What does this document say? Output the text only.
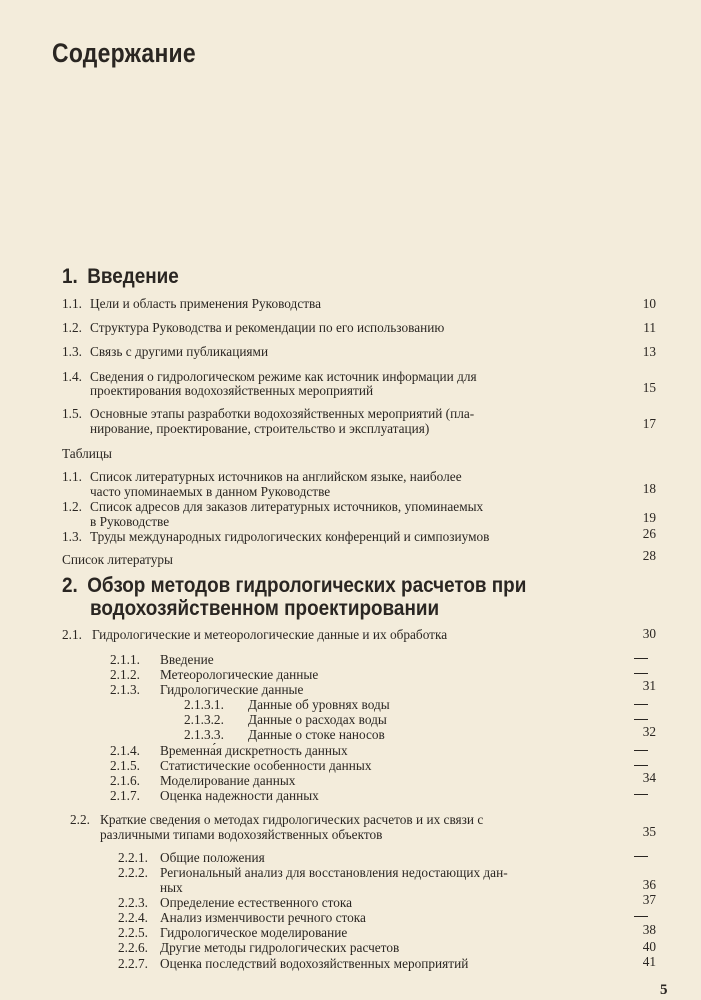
Содержание
1. Введение
1.1. Цели и область применения Руководства	10
1.2. Структура Руководства и рекомендации по его использованию	11
1.3. Связь с другими публикациями	13
1.4. Сведения о гидрологическом режиме как источник информации для
проектирования водохозяйственных мероприятий	15
1.5. Основные этапы разработки водохозяйственных мероприятий (пла-
нирование, проектирование, строительство и эксплуатация)	17
Таблицы
1.1. Список литературных источников на английском языке, наиболее
часто упоминаемых в данном Руководстве	18
1.2. Список адресов для заказов литературных источников, упоминаемых
в Руководстве	19
1.3. Труды международных гидрологических конференций и симпозиумов	26
Список литературы	28
2. Обзор методов гидрологических расчетов при
водохозяйственном проектировании
2.1. Гидрологические и метеорологические данные и их обработка	30
2.1.1. Введение
2.1.2. Метеорологические данные
2.1.3. Гидрологические данные	31
2.1.3.1. Данные об уровнях воды
2.1.3.2. Данные о расходах воды
2.1.3.3. Данные о стоке наносов	32
2.1.4. Временна́я дискретность данных
2.1.5. Статистические особенности данных
2.1.6. Моделирование данных	34
2.1.7. Оценка надежности данных
2.2. Краткие сведения о методах гидрологических расчетов и их связи с
различными типами водохозяйственных объектов	35
2.2.1. Общие положения
2.2.2. Региональный анализ для восстановления недостающих дан-
ных	36
2.2.3. Определение естественного стока	37
2.2.4. Анализ изменчивости речного стока
2.2.5. Гидрологическое моделирование	38
2.2.6. Другие методы гидрологических расчетов	40
2.2.7. Оценка последствий водохозяйственных мероприятий	41
5
